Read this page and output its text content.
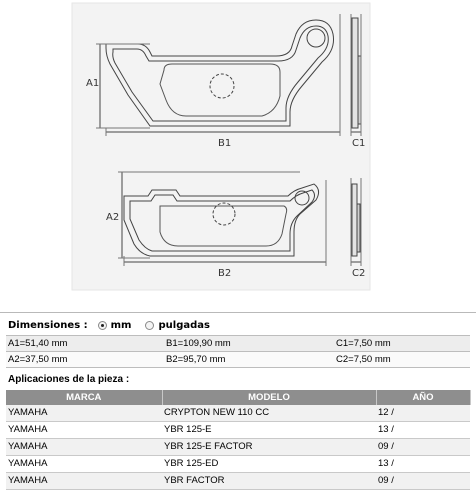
A1
B1	C1
A2
B2	C2
Dimensiones : mm	pulgadas
A1=51,40 mm	B1=109,90 mm	C1=7,50 mm
A2=37,50 mm	B2=95,70 mm	C2=7,50 mm
Aplicaciones de la pieza :
MARCA	MODELO	AÑO
YAMAHA	CRYPTON NEW 110 CC	12 /
YAMAHA	YBR 125-E	13 /
YAMAHA	YBR 125-E FACTOR	09 /
YAMAHA	YBR 125-ED	13 /
YAMAHA	YBR FACTOR	09 /
